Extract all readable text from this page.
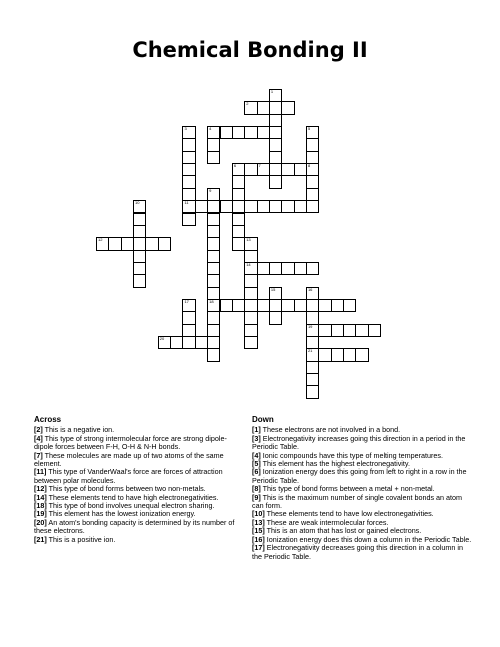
Chemical Bonding II
1
2
3
11
4	5
8
6	7
9
18
10
12	13
14
15	16
19
21
17
20
Across
[2] This is a negative ion.
[4] This type of strong intermolecular force are strong dipole-dipole forces between F-H, O-H & N-H bonds.
[7] These molecules are made up of two atoms of the same element.
[11] This type of VanderWaal's force are forces of attraction between polar molecules.
[12] This type of bond forms between two non-metals.
[14] These elements tend to have high electronegativities.
[18] This type of bond involves unequal electron sharing.
[19] This element has the lowest ionization energy.
[20] An atom's bonding capacity is determined by its number of these electrons.
[21] This is a positive ion.
Down
[1] These electrons are not involved in a bond.
[3] Electronegativity increases going this direction in a period in the Periodic Table.
[4] Ionic compounds have this type of melting temperatures.
[5] This element has the highest electronegativity.
[6] Ionization energy does this going from left to right in a row in the Periodic Table.
[8] This type of bond forms between a metal + non-metal.
[9] This is the maximum number of single covalent bonds an atom can form.
[10] These elements tend to have low electronegativities.
[13] These are weak intermolecular forces.
[15] This is an atom that has lost or gained electrons.
[16] Ionization energy does this down a column in the Periodic Table.
[17] Electronegativity decreases going this direction in a column in the Periodic Table.
